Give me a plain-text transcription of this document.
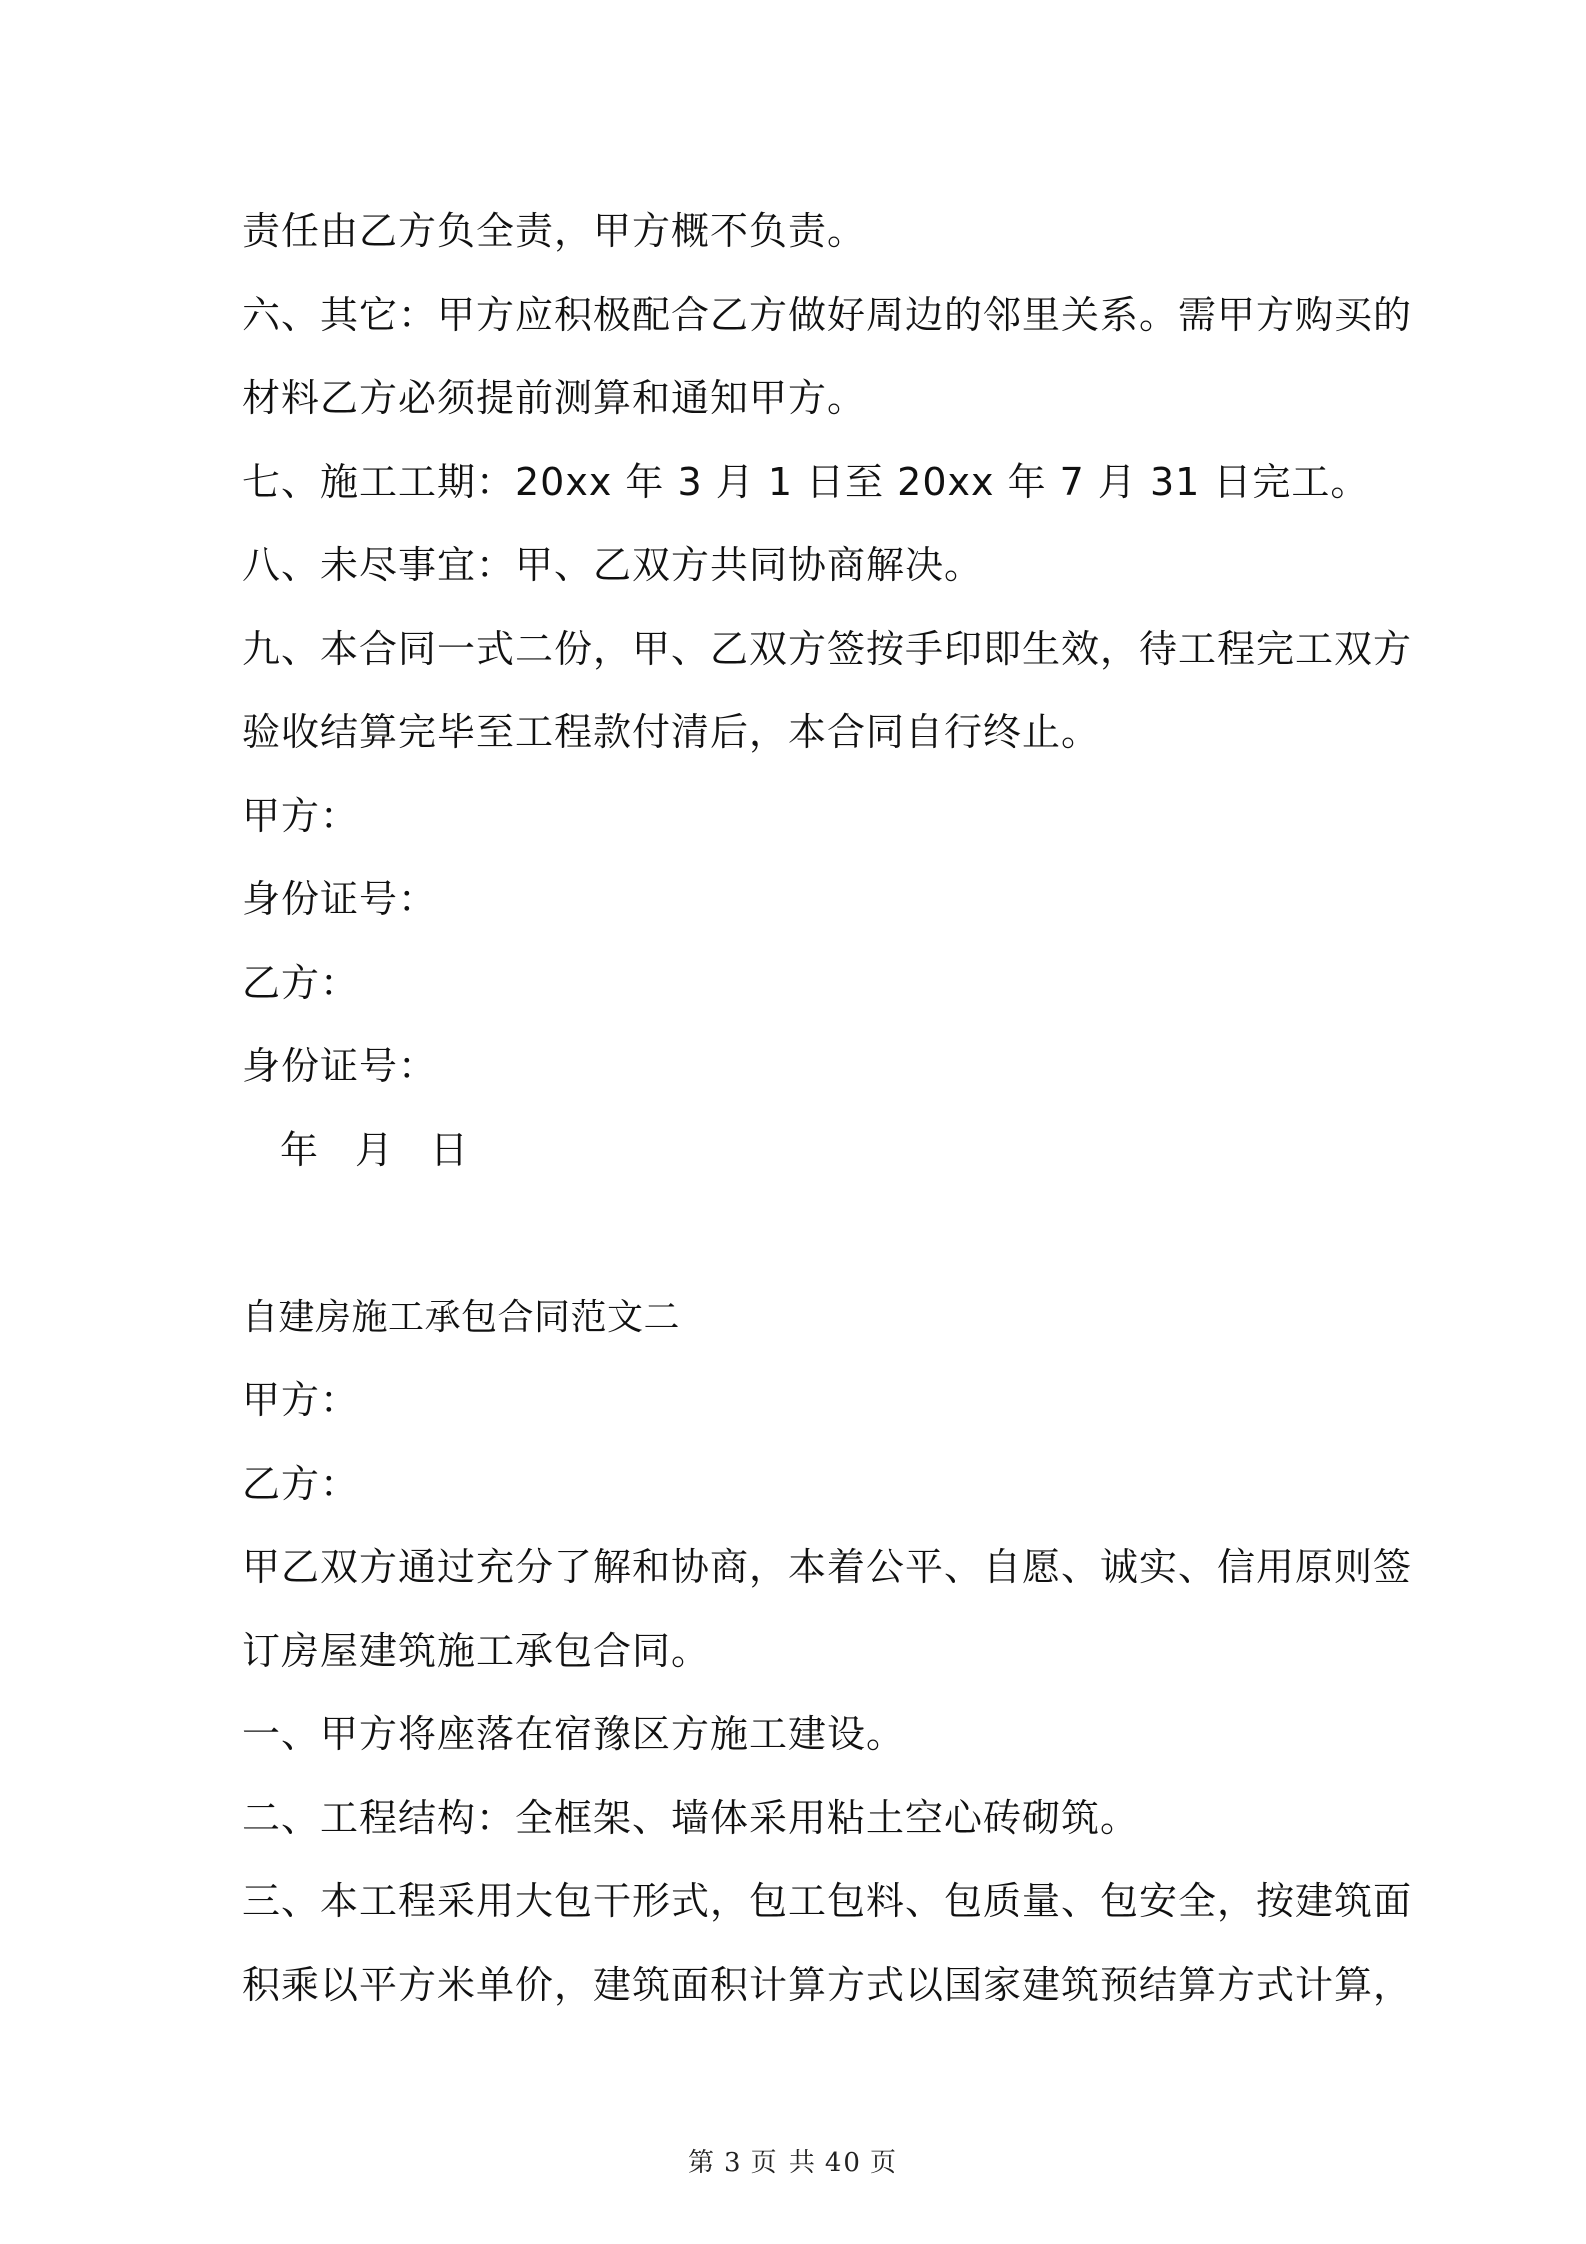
责任由乙方负全责，甲方概不负责。
六、其它：甲方应积极配合乙方做好周边的邻里关系。需甲方购买的
材料乙方必须提前测算和通知甲方。
七、施工工期：20xx 年 3 月 1 日至 20xx 年 7 月 31 日完工。
八、未尽事宜：甲、乙双方共同协商解决。
九、本合同一式二份，甲、乙双方签按手印即生效，待工程完工双方
验收结算完毕至工程款付清后，本合同自行终止。
甲方：
身份证号：
乙方：
身份证号：
年 月 日
自建房施工承包合同范文二
甲方：
乙方：
甲乙双方通过充分了解和协商，本着公平、自愿、诚实、信用原则签
订房屋建筑施工承包合同。
一、甲方将座落在宿豫区方施工建设。
二、工程结构：全框架、墙体采用粘土空心砖砌筑。
三、本工程采用大包干形式，包工包料、包质量、包安全，按建筑面
积乘以平方米单价，建筑面积计算方式以国家建筑预结算方式计算，
第 3 页 共 40 页
